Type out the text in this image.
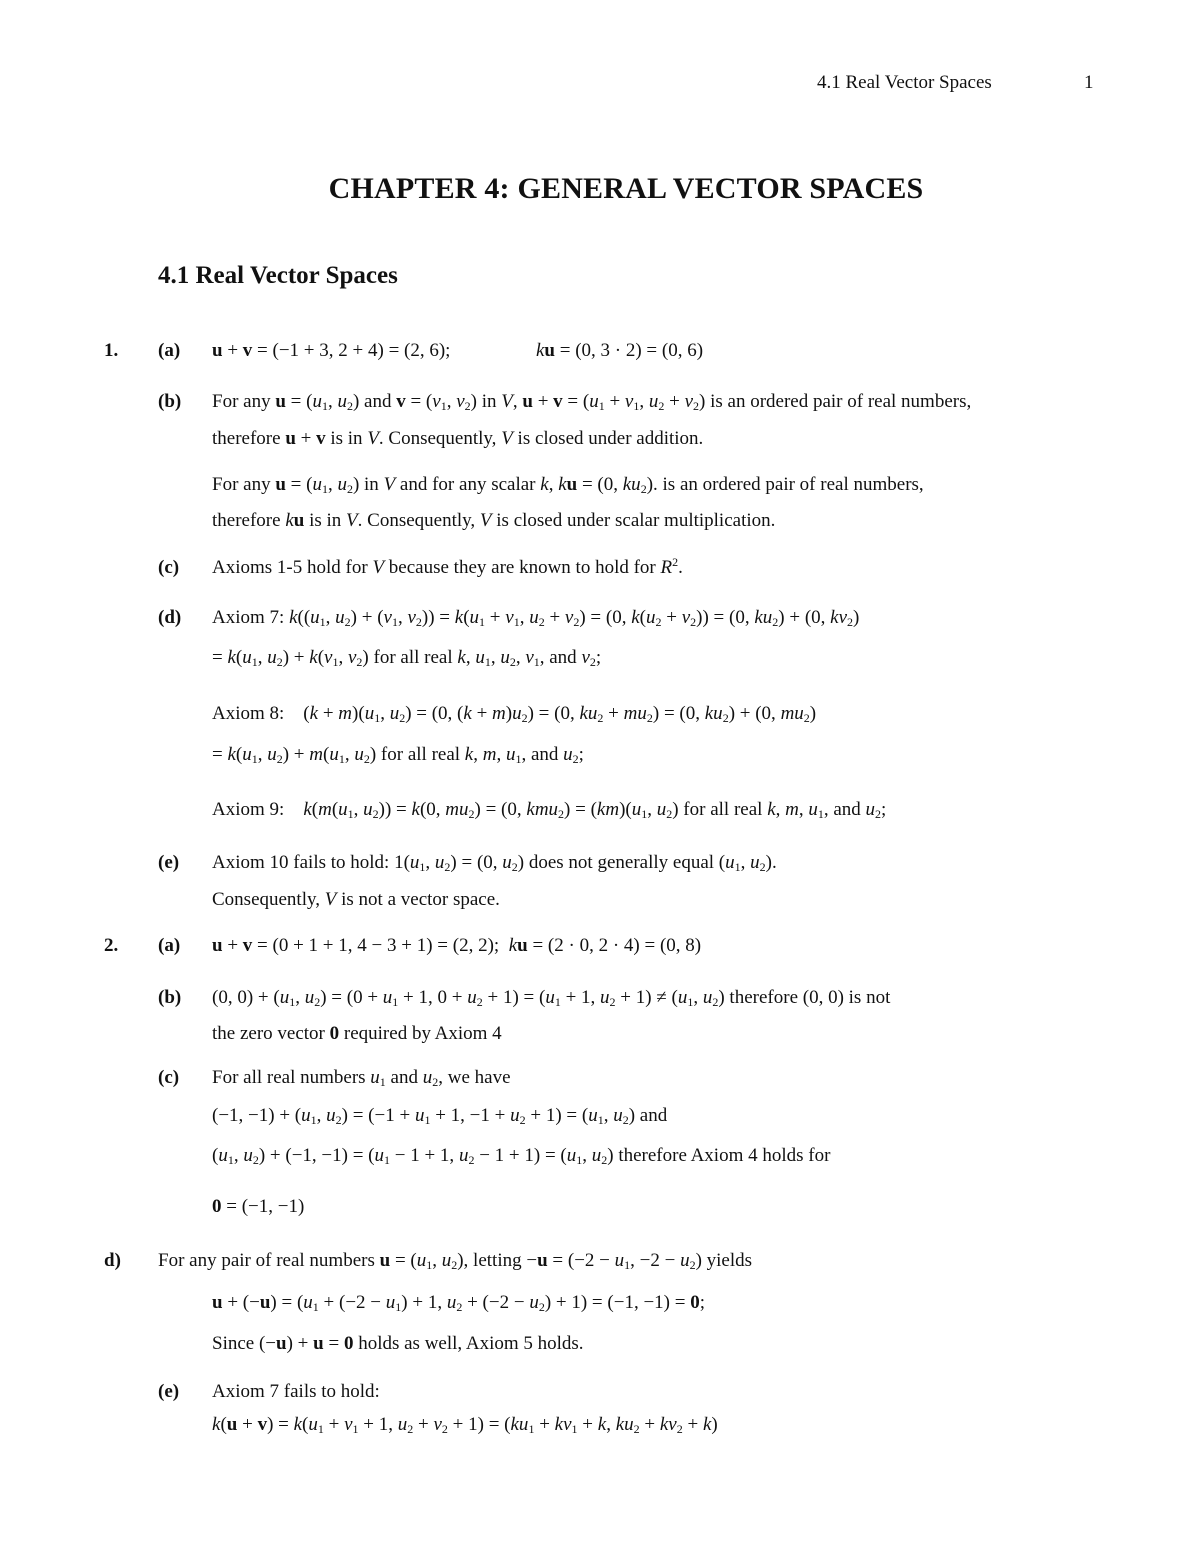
4.1 Real Vector Spaces	1
CHAPTER 4: GENERAL VECTOR SPACES
4.1 Real Vector Spaces
1. (a) u + v = (−1 + 3, 2 + 4) = (2, 6);                  ku = (0, 3 · 2) = (0, 6)
(b) For any $u = (u_1$, $u_2$) and $v = (v_1$, $v_2$) in V, $u + v = (u_1 + v_1$, $u_2 + v_2$) is an ordered pair of real numbers,
therefore u + v is in V. Consequently, V is closed under addition.
For any $u = (u_1$, $u_2$) in V and for any scalar k, ku = (0, $ku_2$). is an ordered pair of real numbers,
therefore ku is in V. Consequently, V is closed under scalar multiplication.
(c) Axioms 1-5 hold for V because they are known to hold for $R^2$.
(d) Axiom 7: $k((u_1$, $u_2) + (v_1$, $v_2)) = k(u_1 + v_1$, $u_2 + v_2) = (0$, $k(u_2 + v_2)) = (0$, $ku_2) + (0$, $kv_2$)
= $k(u_1$, $u_2) + k(v_1$, $v_2$) for all real k, $u_1$, $u_2$, $v_1$, and $v_2$;
Axiom 8:    $(k + m)(u_1$, $u_2) = (0$, $(k + m)u_2) = (0$, $ku_2 + mu_2) = (0$, $ku_2) + (0$, $mu_2$)
= $k(u_1$, $u_2) + m(u_1$, $u_2$) for all real k, m, $u_1$, and $u_2$;
Axiom 9:    $k(m(u_1$, $u_2)) = k(0$, $mu_2) = (0$, $kmu_2) = (km)(u_1$, $u_2$) for all real k, m, $u_1$, and $u_2$;
(e) Axiom 10 fails to hold: $1(u_1$, $u_2) = (0$, $u_2$) does not generally equal ($u_1$, $u_2$).
Consequently, V is not a vector space.
2. (a) u + v = (0 + 1 + 1, 4 − 3 + 1) = (2, 2);  ku = (2 · 0, 2 · 4) = (0, 8)
(b) (0, $0) + (u_1$, $u_2) = (0 + u_1 + 1$, $0 + u_2 + 1) = (u_1 + 1$, $u_2 + 1) \ne (u_1$, $u_2$) therefore (0, 0) is not
the zero vector 0 required by Axiom 4
(c) For all real numbers $u_1$ and $u_2$, we have
(−1, $-1) + (u_1$, $u_2) = (-1 + u_1 + 1$, $-1 + u_2 + 1) = (u_1$, $u_2$) and
($u_1$, $u_2) + (-1$, $-1) = (u_1 - 1 + 1$, $u_2 - 1 + 1) = (u_1$, $u_2$) therefore Axiom 4 holds for
0 = (−1, −1)
d) For any pair of real numbers $u = (u_1$, $u_2$), letting $-u = (-2 - u_1$, $-2 - u_2$) yields
$u + (-u) = (u_1 + (-2 - u_1) + 1$, $u_2 + (-2 - u_2) + 1) = (-1$, −1) = 0;
Since (−u) + u = 0 holds as well, Axiom 5 holds.
(e) Axiom 7 fails to hold:
$k(u + v) = k(u_1 + v_1 + 1$, $u_2 + v_2 + 1) = (ku_1 + kv_1 + k$, $ku_2 + kv_2 + k$)
